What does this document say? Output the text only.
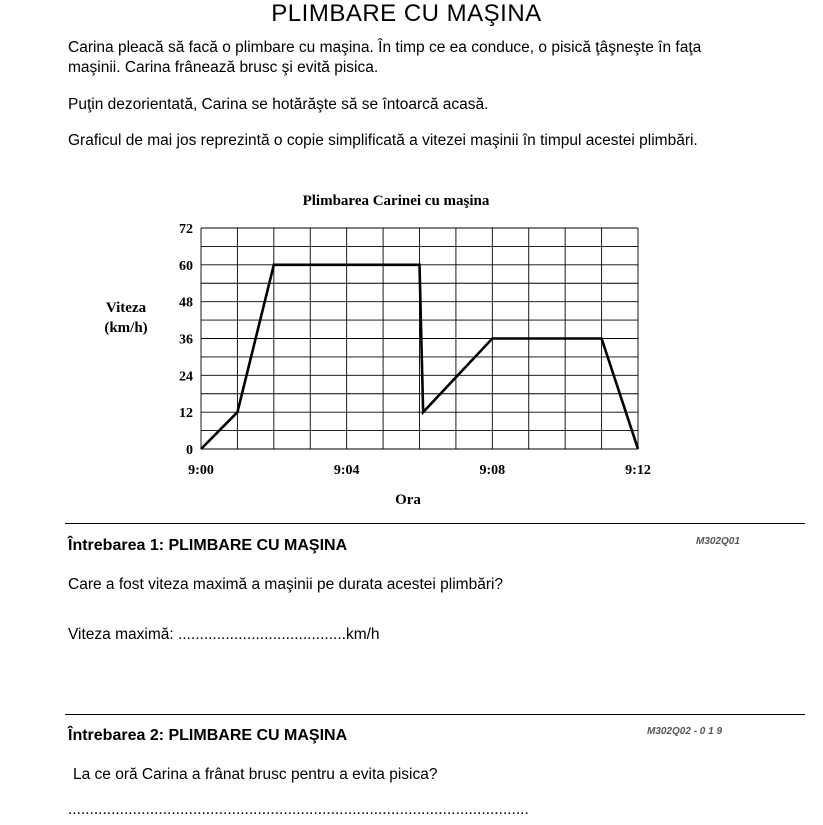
PLIMBARE CU MAŞINA
Carina pleacă să facă o plimbare cu maşina. În timp ce ea conduce, o pisică ţâşneşte în faţa maşinii. Carina frânează brusc şi evită pisica.
Puţin dezorientată, Carina se hotărăşte să se întoarcă acasă.
Graficul de mai jos reprezintă o copie simplificată a vitezei maşinii în timpul acestei plimbări.
Plimbarea Carinei cu maşina
0
12
24
36
48
60
72
9:00	9:04	9:08	9:12
Viteza
(km/h)
Ora
Întrebarea 1: PLIMBARE CU MAŞINA	M302Q01
Care a fost viteza maximă a maşinii pe durata acestei plimbări?
Viteza maximă: .......................................km/h
Întrebarea 2: PLIMBARE CU MAŞINA	M302Q02 - 0 1 9
La ce oră Carina a frânat brusc pentru a evita pisica?
...........................................................................................................
